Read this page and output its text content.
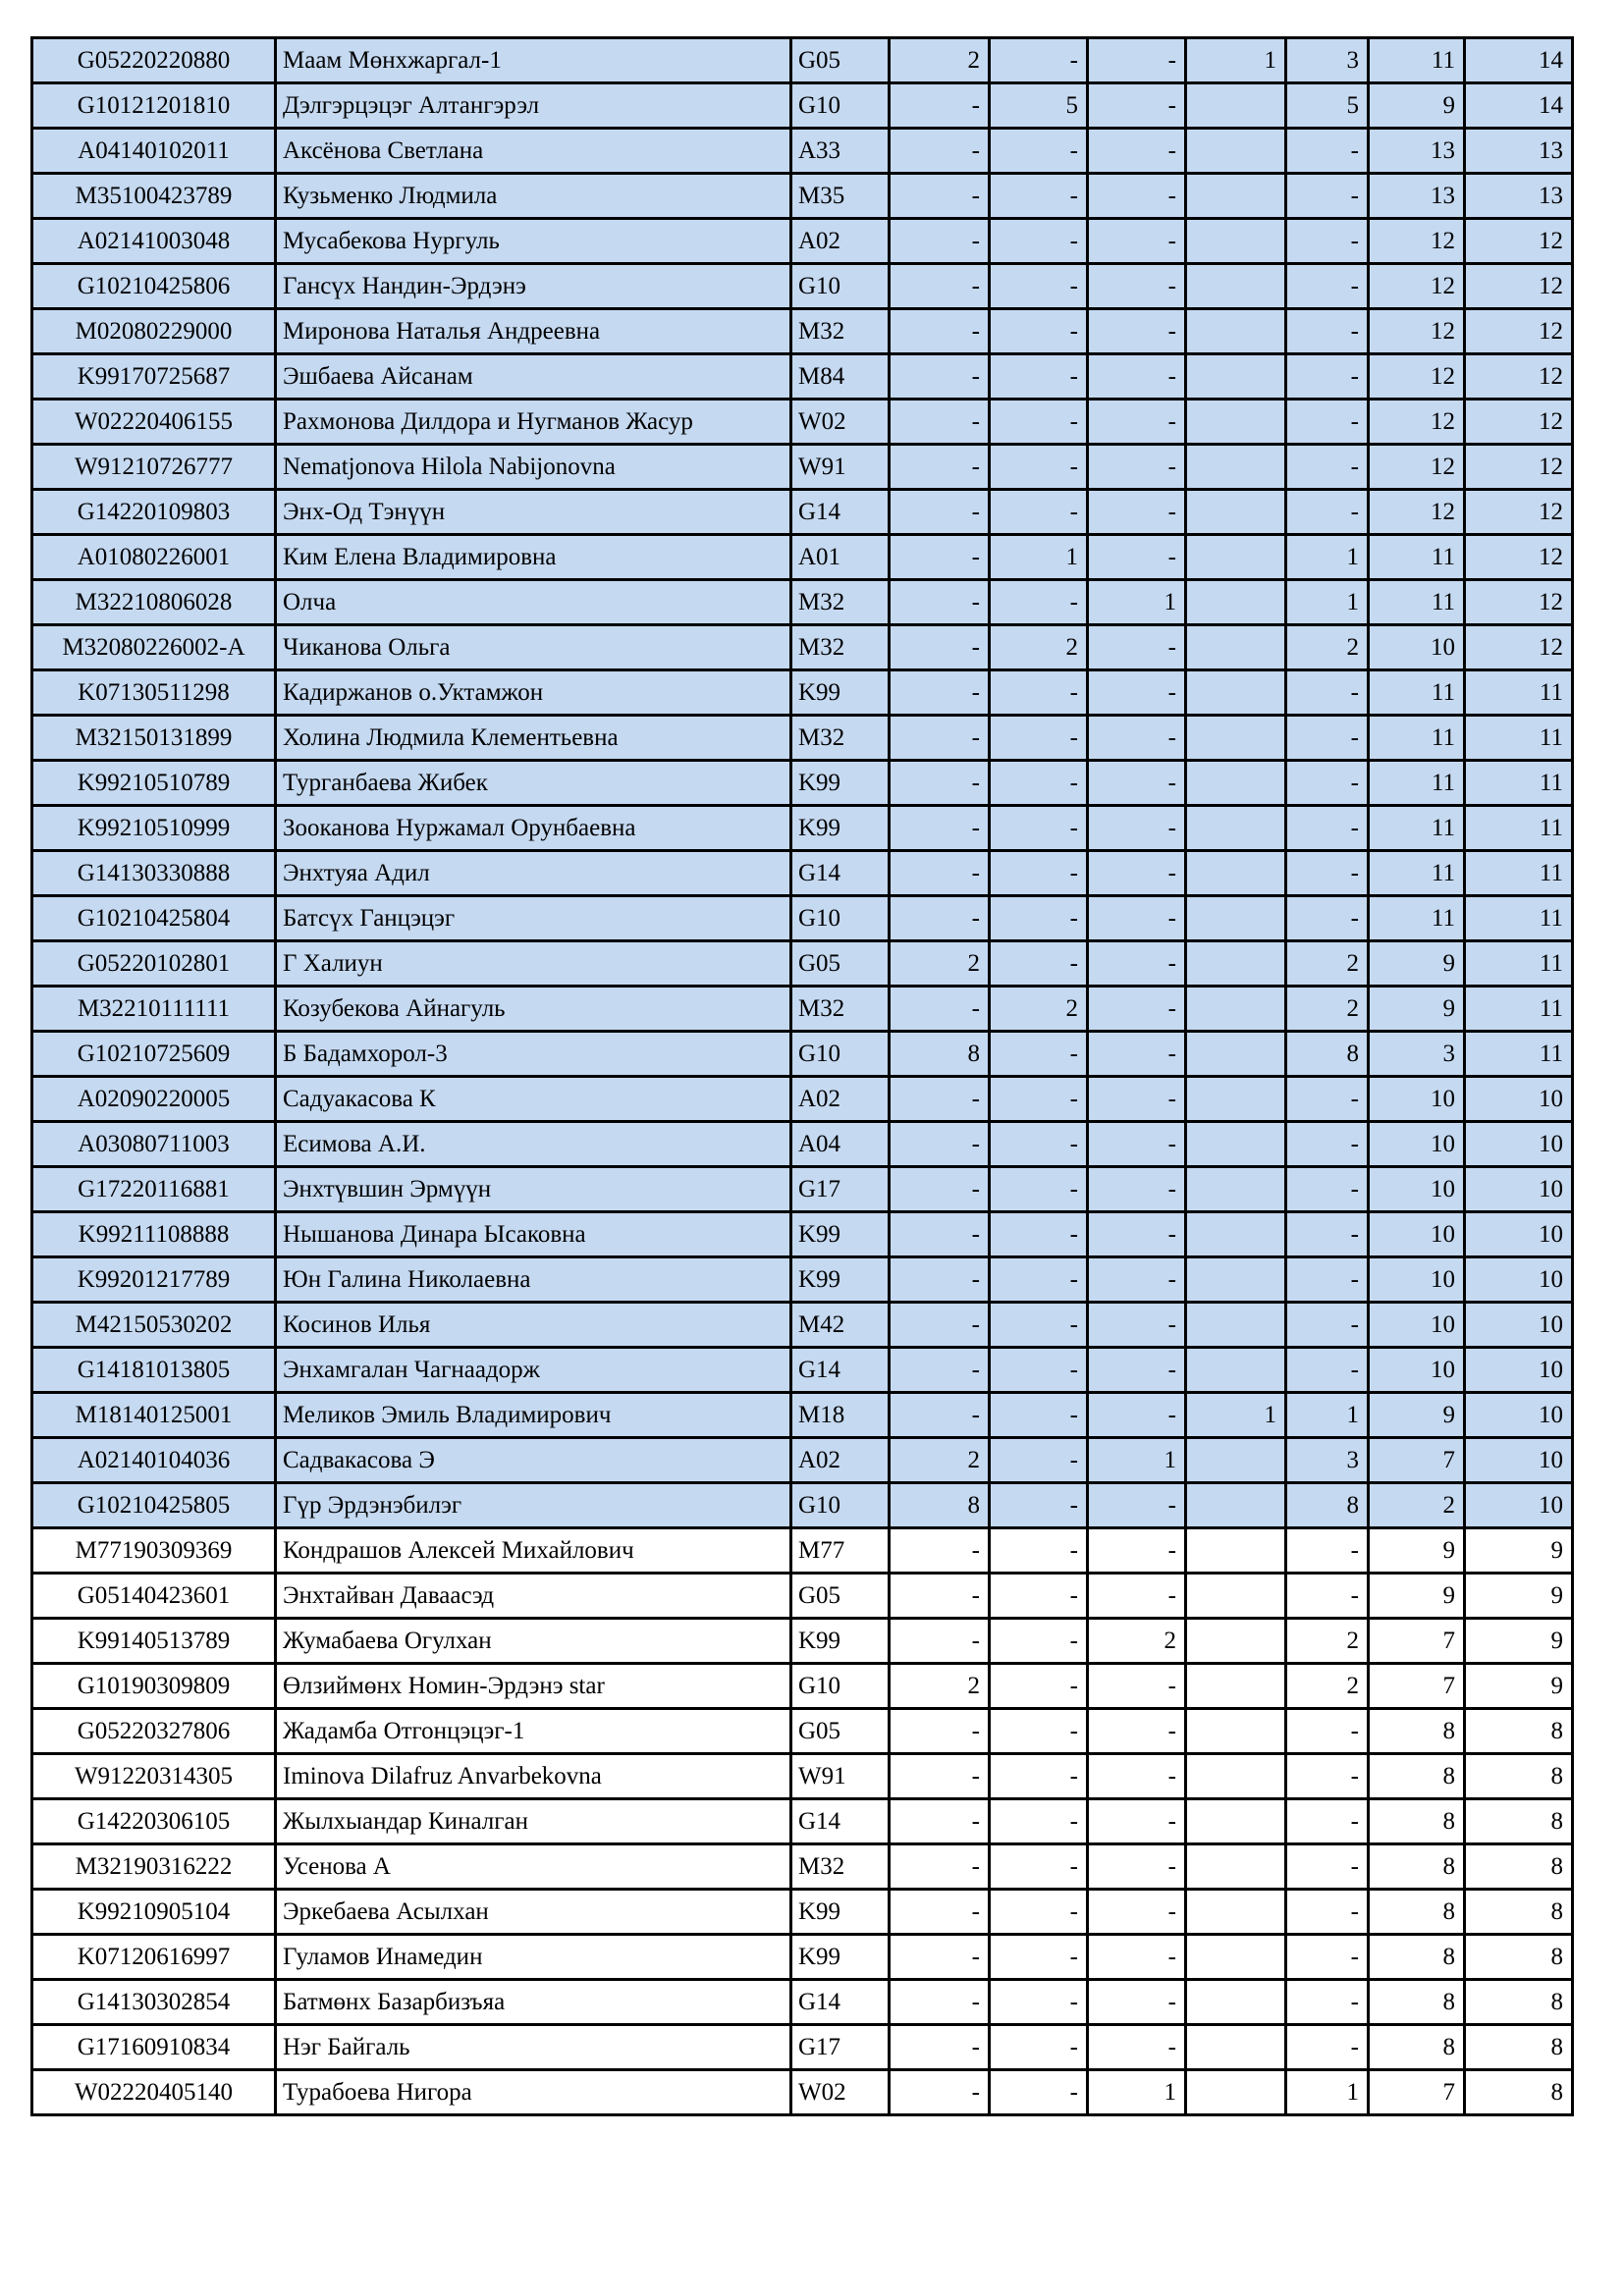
G05220220880	Маам Мөнхжаргал-1	G05	2	-	-	1	3	11	14
G10121201810	Дэлгэрцэцэг Алтангэрэл	G10	-	5	-		5	9	14
A04140102011	Аксёнова Светлана	A33	-	-	-		-	13	13
M35100423789	Кузьменко Людмила	M35	-	-	-		-	13	13
A02141003048	Мусабекова Нургуль	A02	-	-	-		-	12	12
G10210425806	Гансүх Нандин-Эрдэнэ	G10	-	-	-		-	12	12
M02080229000	Миронова Наталья Андреевна	M32	-	-	-		-	12	12
K99170725687	Эшбаева Айсанам	M84	-	-	-		-	12	12
W02220406155	Рахмонова Дилдора и Нугманов Жасур	W02	-	-	-		-	12	12
W91210726777	Nematjonova Hilola Nabijonovna	W91	-	-	-		-	12	12
G14220109803	Энх-Од Тэнүүн	G14	-	-	-		-	12	12
A01080226001	Ким Елена Владимировна	A01	-	1	-		1	11	12
M32210806028	Олча	M32	-	-	1		1	11	12
M32080226002-A	Чиканова Ольга	M32	-	2	-		2	10	12
K07130511298	Кадиржанов о.Уктамжон	K99	-	-	-		-	11	11
M32150131899	Холина Людмила Клементьевна	M32	-	-	-		-	11	11
K99210510789	Турганбаева Жибек	K99	-	-	-		-	11	11
K99210510999	Зооканова Нуржамал Орунбаевна	K99	-	-	-		-	11	11
G14130330888	Энхтуяа Адил	G14	-	-	-		-	11	11
G10210425804	Батсүх Ганцэцэг	G10	-	-	-		-	11	11
G05220102801	Г Халиун	G05	2	-	-		2	9	11
M32210111111	Козубекова Айнагуль	M32	-	2	-		2	9	11
G10210725609	Б Бадамхорол-3	G10	8	-	-		8	3	11
A02090220005	Садуакасова К	A02	-	-	-		-	10	10
A03080711003	Есимова А.И.	A04	-	-	-		-	10	10
G17220116881	Энхтүвшин Эрмүүн	G17	-	-	-		-	10	10
K99211108888	Нышанова Динара Ысаковна	K99	-	-	-		-	10	10
K99201217789	Юн Галина Николаевна	K99	-	-	-		-	10	10
M42150530202	Косинов Илья	M42	-	-	-		-	10	10
G14181013805	Энхамгалан Чагнаадорж	G14	-	-	-		-	10	10
M18140125001	Меликов Эмиль Владимирович	M18	-	-	-	1	1	9	10
A02140104036	Садвакасова Э	A02	2	-	1		3	7	10
G10210425805	Гүр Эрдэнэбилэг	G10	8	-	-		8	2	10
M77190309369	Кондрашов Алексей Михайлович	M77	-	-	-		-	9	9
G05140423601	Энхтайван Даваасэд	G05	-	-	-		-	9	9
K99140513789	Жумабаева Огулхан	K99	-	-	2		2	7	9
G10190309809	Өлзиймөнх Номин-Эрдэнэ star	G10	2	-	-		2	7	9
G05220327806	Жадамба Отгонцэцэг-1	G05	-	-	-		-	8	8
W91220314305	Iminova Dilafruz Anvarbekovna	W91	-	-	-		-	8	8
G14220306105	Жылхыандар Киналган	G14	-	-	-		-	8	8
M32190316222	Усенова А	M32	-	-	-		-	8	8
K99210905104	Эркебаева Асылхан	K99	-	-	-		-	8	8
K07120616997	Гуламов Инамедин	K99	-	-	-		-	8	8
G14130302854	Батмөнх Базарбизъяа	G14	-	-	-		-	8	8
G17160910834	Нэг Байгаль	G17	-	-	-		-	8	8
W02220405140	Турабоева Нигора	W02	-	-	1		1	7	8
